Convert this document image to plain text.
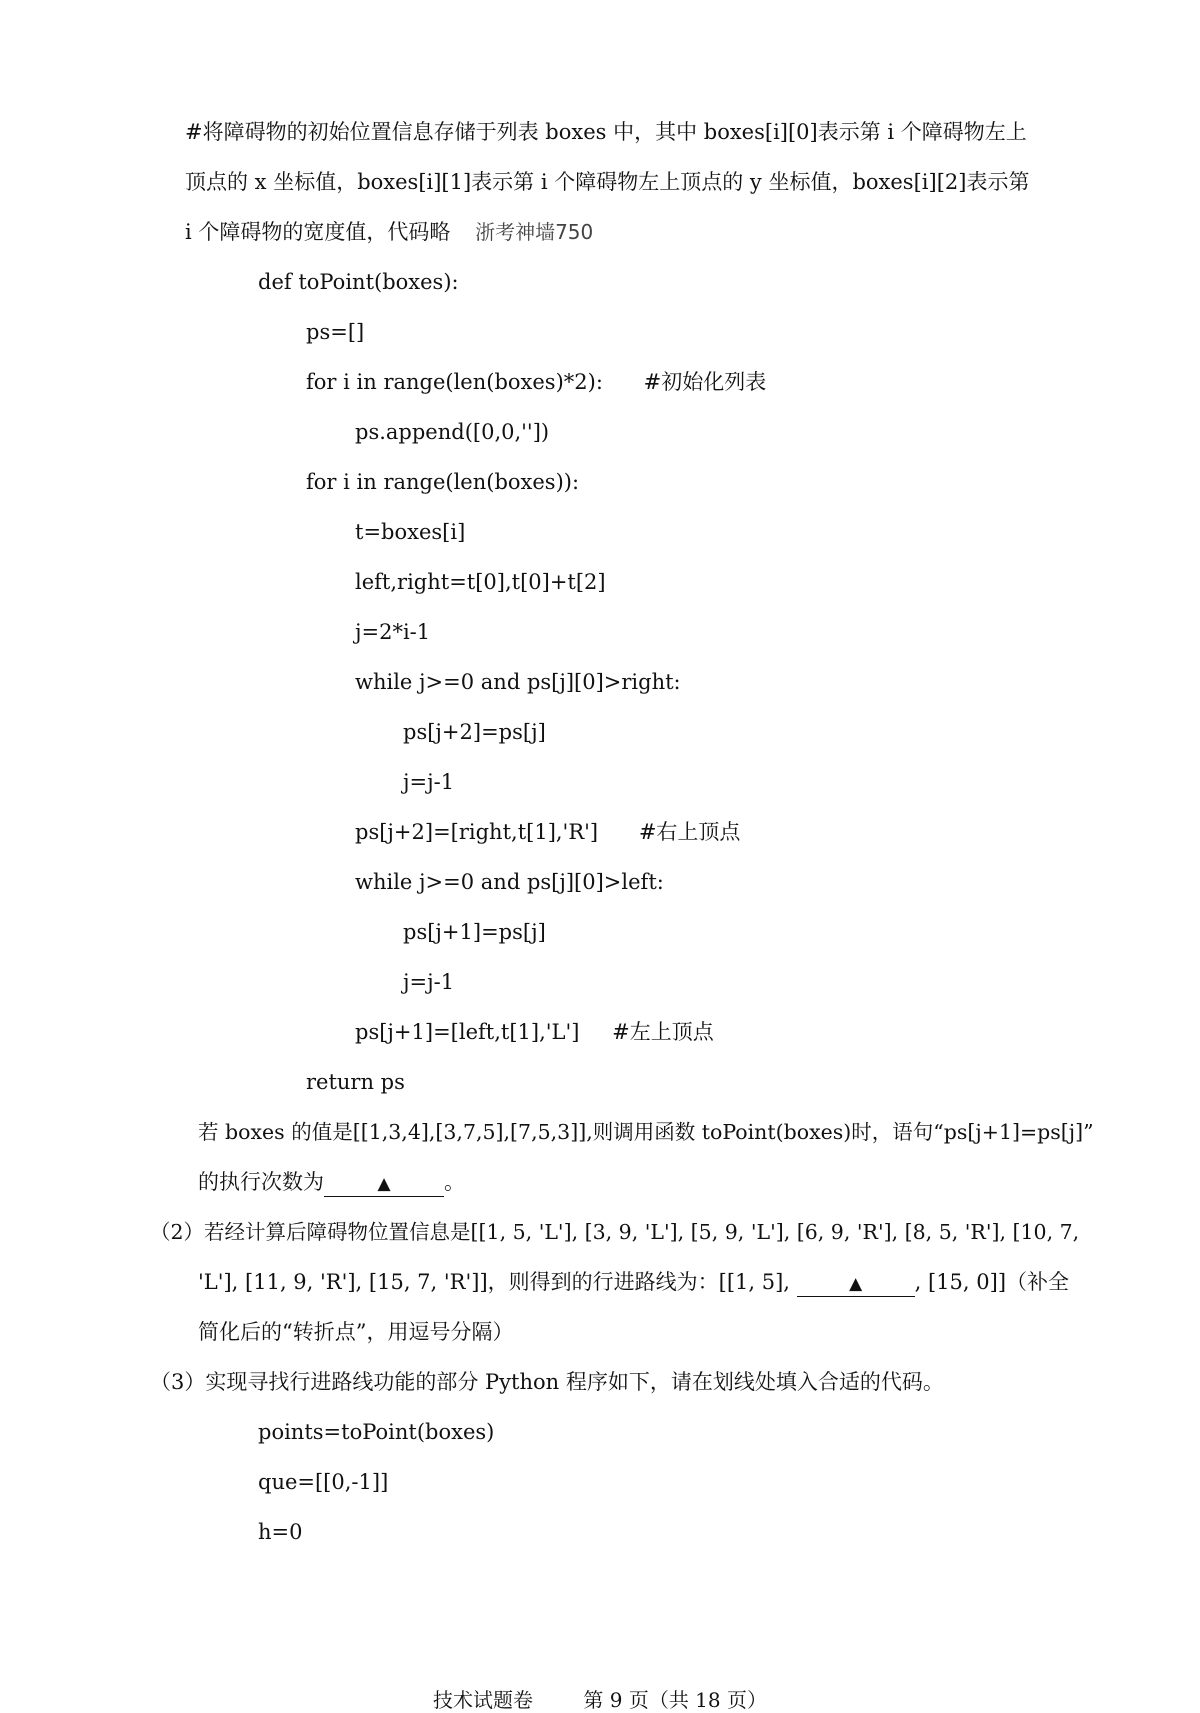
#将障碍物的初始位置信息存储于列表 boxes 中，其中 boxes[i][0]表示第 i 个障碍物左上

顶点的 x 坐标值，boxes[i][1]表示第 i 个障碍物左上顶点的 y 坐标值，boxes[i][2]表示第

i 个障碍物的宽度值，代码略 浙考神墙750

def toPoint(boxes):

ps=[]

for i in range(len(boxes)*2): #初始化列表

ps.append([0,0,''])

for i in range(len(boxes)):

t=boxes[i]

left,right=t[0],t[0]+t[2]

j=2*i-1

while j>=0 and ps[j][0]>right:

ps[j+2]=ps[j]

j=j-1

ps[j+2]=[right,t[1],'R'] #右上顶点

while j>=0 and ps[j][0]>left:

ps[j+1]=ps[j]

j=j-1

ps[j+1]=[left,t[1],'L'] #左上顶点

return ps

若 boxes 的值是[[1,3,4],[3,7,5],[7,5,3]],则调用函数 toPoint(boxes)时，语句“ps[j+1]=ps[j]”

的执行次数为	▲	。

（2）若经计算后障碍物位置信息是[[1, 5, 'L'], [3, 9, 'L'], [5, 9, 'L'], [6, 9, 'R'], [8, 5, 'R'], [10, 7,

'L'], [11, 9, 'R'], [15, 7, 'R']]，则得到的行进路线为：[[1, 5],	▲ , [15, 0]]（补全

简化后的“转折点”，用逗号分隔）

（3）实现寻找行进路线功能的部分 Python 程序如下，请在划线处填入合适的代码。

points=toPoint(boxes)

que=[[0,-1]]

h=0

技术试题卷	第 9 页（共 18 页）
